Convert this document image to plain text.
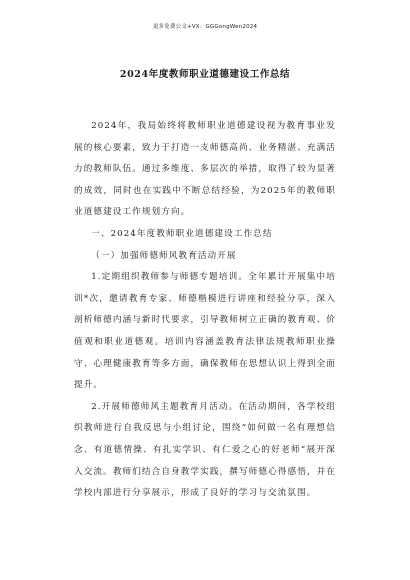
更多免费公文+VX：GGGongWen2024
2024年度教师职业道德建设工作总结

2024年，我局始终将教师职业道德建设视为教育事业发展的核心要素，致力于打造一支师德高尚、业务精湛、充满活力的教师队伍。通过多维度、多层次的举措，取得了较为显著的成效，同时也在实践中不断总结经验，为2025年的教师职业道德建设工作规划方向。

一、2024年度教师职业道德建设工作总结

（一）加强师德师风教育活动开展

1.定期组织教师参与师德专题培训。全年累计开展集中培训*次，邀请教育专家、师德楷模进行讲座和经验分享，深入剖析师德内涵与新时代要求，引导教师树立正确的教育观、价值观和职业道德观。培训内容涵盖教育法律法规教师职业操守、心理健康教育等多方面，确保教师在思想认识上得到全面提升。

2.开展师德师风主题教育月活动。在活动期间，各学校组织教师进行自我反思与小组讨论，围绕“如何做一名有理想信念、有道德情操、有扎实学识、有仁爱之心的好老师”展开深入交流。教师们结合自身教学实践，撰写师德心得感悟，并在学校内部进行分享展示，形成了良好的学习与交流氛围。
